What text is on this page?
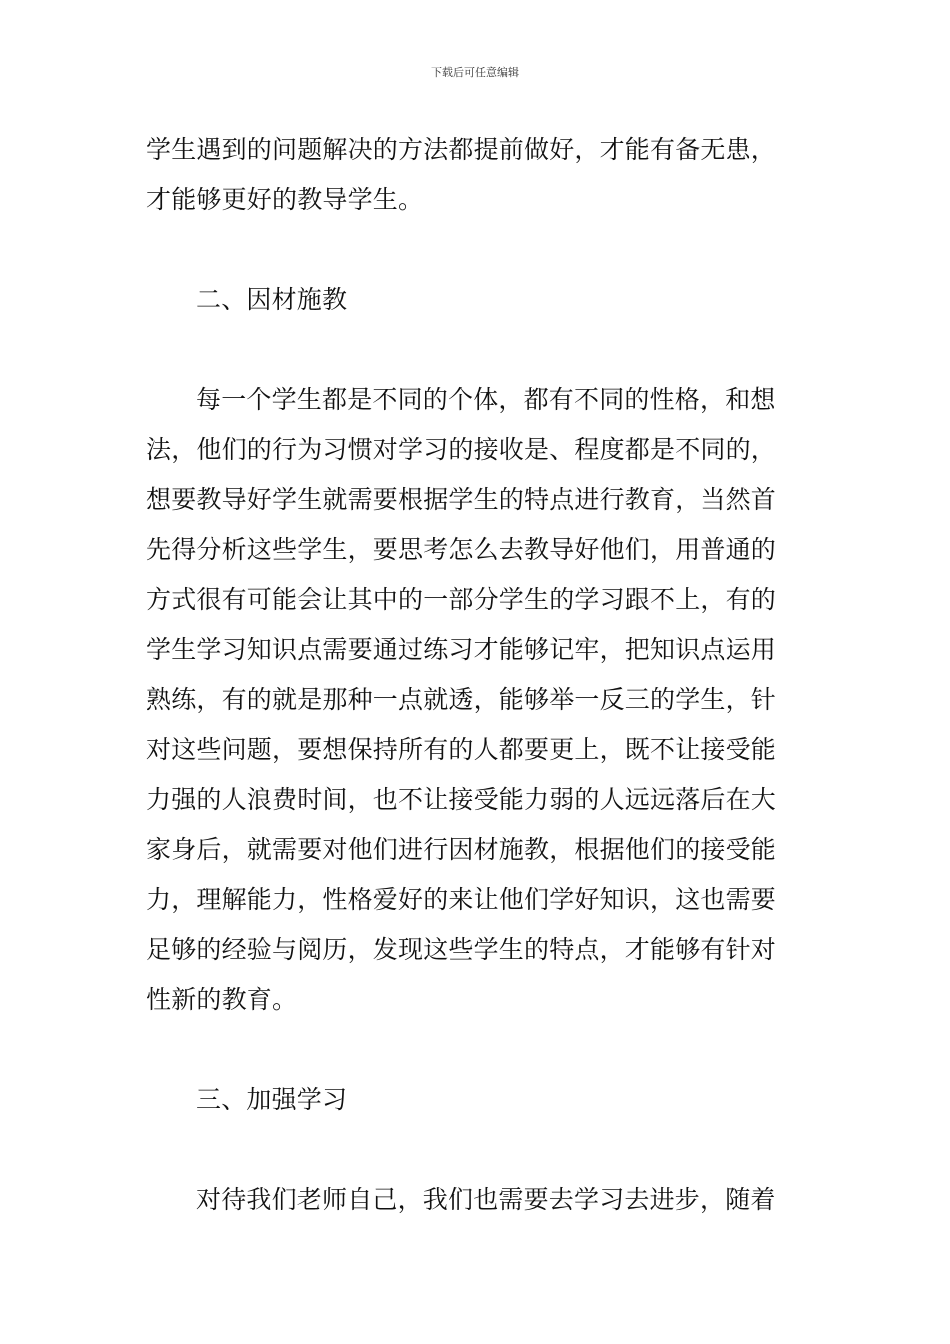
下载后可任意编辑
学生遇到的问题解决的方法都提前做好，才能有备无患，
才能够更好的教导学生。
二、因材施教
每一个学生都是不同的个体，都有不同的性格，和想
法，他们的行为习惯对学习的接收是、程度都是不同的，
想要教导好学生就需要根据学生的特点进行教育，当然首
先得分析这些学生，要思考怎么去教导好他们，用普通的
方式很有可能会让其中的一部分学生的学习跟不上，有的
学生学习知识点需要通过练习才能够记牢，把知识点运用
熟练，有的就是那种一点就透，能够举一反三的学生，针
对这些问题，要想保持所有的人都要更上，既不让接受能
力强的人浪费时间，也不让接受能力弱的人远远落后在大
家身后，就需要对他们进行因材施教，根据他们的接受能
力，理解能力，性格爱好的来让他们学好知识，这也需要
足够的经验与阅历，发现这些学生的特点，才能够有针对
性新的教育。
三、加强学习
对待我们老师自己，我们也需要去学习去进步，随着
